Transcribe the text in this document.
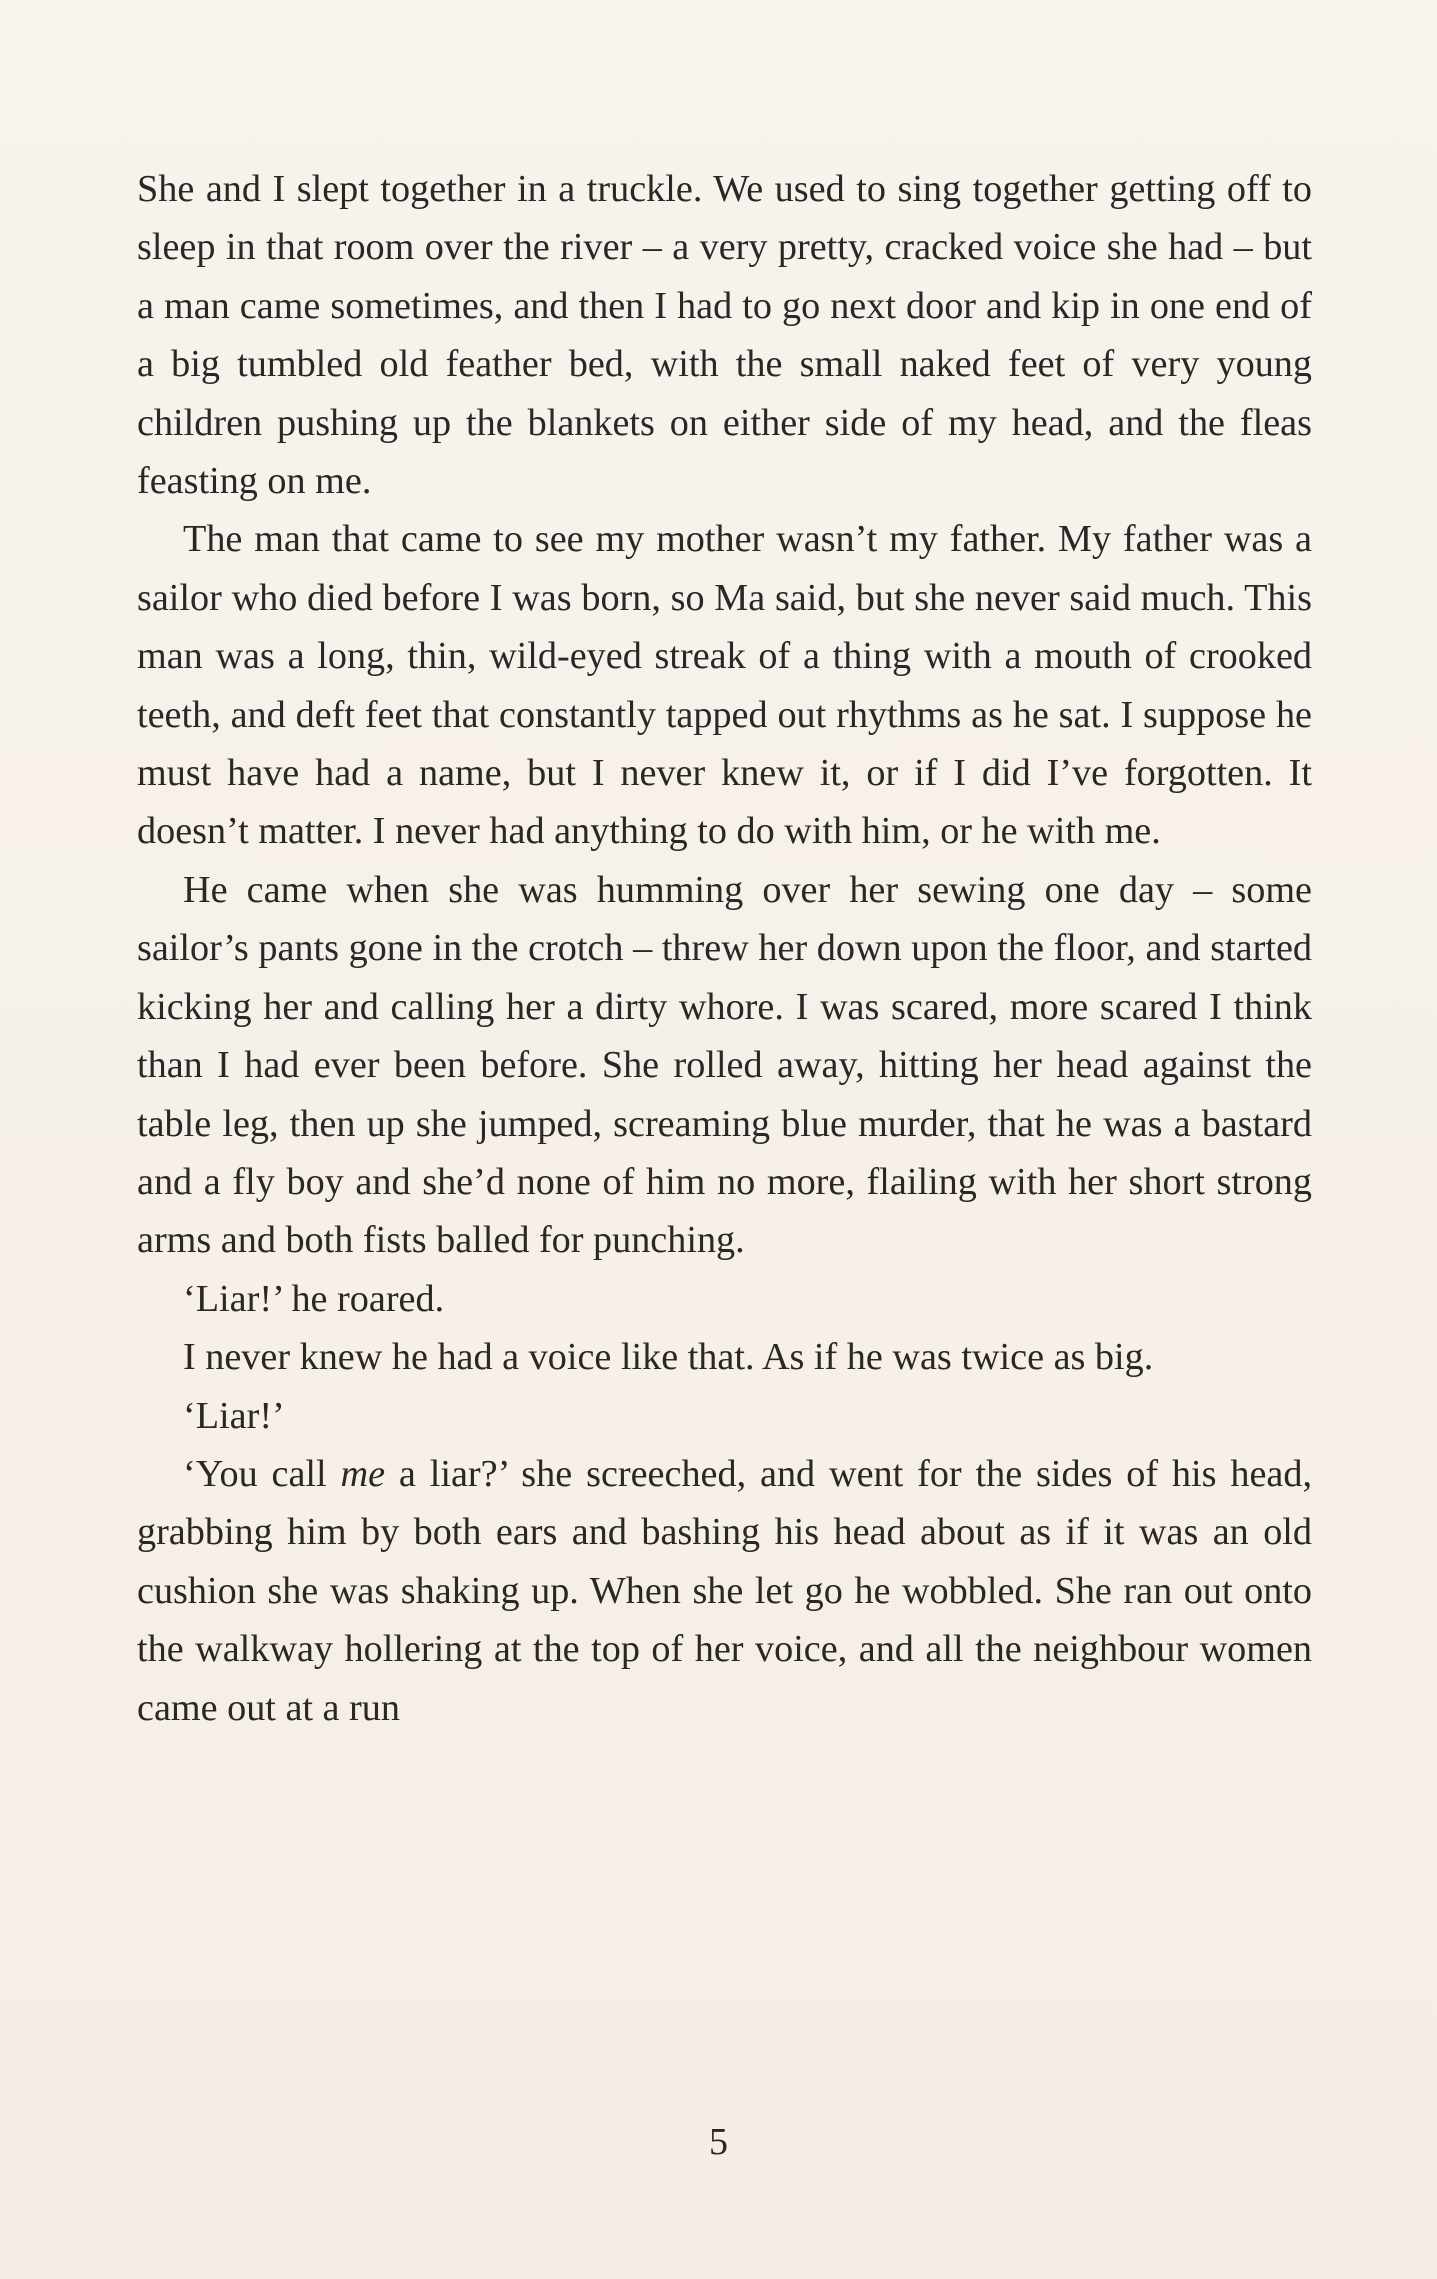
She and I slept together in a truckle. We used to sing together getting off to sleep in that room over the river – a very pretty, cracked voice she had – but a man came sometimes, and then I had to go next door and kip in one end of a big tumbled old feather bed, with the small naked feet of very young children pushing up the blankets on either side of my head, and the fleas feasting on me.

The man that came to see my mother wasn’t my father. My father was a sailor who died before I was born, so Ma said, but she never said much. This man was a long, thin, wild-eyed streak of a thing with a mouth of crooked teeth, and deft feet that constantly tapped out rhythms as he sat. I suppose he must have had a name, but I never knew it, or if I did I’ve forgotten. It doesn’t matter. I never had anything to do with him, or he with me.

He came when she was humming over her sewing one day – some sailor’s pants gone in the crotch – threw her down upon the floor, and started kicking her and calling her a dirty whore. I was scared, more scared I think than I had ever been before. She rolled away, hitting her head against the table leg, then up she jumped, screaming blue murder, that he was a bastard and a fly boy and she’d none of him no more, flailing with her short strong arms and both fists balled for punching.

‘Liar!’ he roared.

I never knew he had a voice like that. As if he was twice as big.

‘Liar!’

‘You call me a liar?’ she screeched, and went for the sides of his head, grabbing him by both ears and bashing his head about as if it was an old cushion she was shaking up. When she let go he wobbled. She ran out onto the walkway hollering at the top of her voice, and all the neighbour women came out at a run

5
